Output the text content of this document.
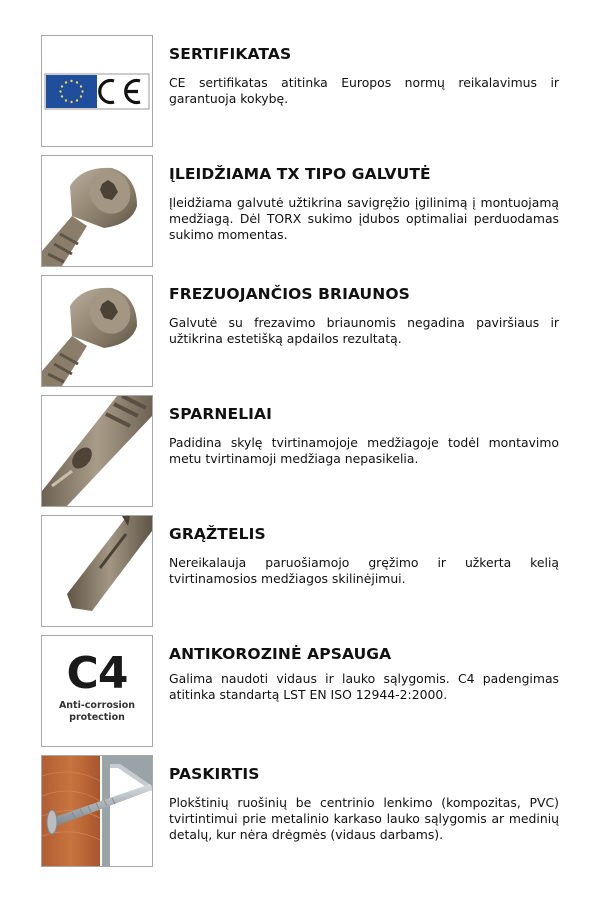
SERTIFIKATAS

CE sertifikatas atitinka Europos normų reikalavimus ir garantuoja kokybę.

ĮLEIDŽIAMA TX TIPO GALVUTĖ

Įleidžiama galvutė užtikrina savigręžio įgilinimą į montuojamą medžiagą. Dėl TORX sukimo įdubos optimaliai perduodamas sukimo momentas.

FREZUOJANČIOS BRIAUNOS

Galvutė su frezavimo briaunomis negadina paviršiaus ir užtikrina estetišką apdailos rezultatą.

SPARNELIAI

Padidina skylę tvirtinamojoje medžiagoje todėl montavimo metu tvirtinamoji medžiaga nepasikelia.

GRĄŽTELIS

Nereikalauja paruošiamojo gręžimo ir užkerta kelią tvirtinamosios medžiagos skilinėjimui.

C4
Anti-corrosion
protection
ANTIKOROZINĖ APSAUGA

Galima naudoti vidaus ir lauko sąlygomis. C4 padengimas atitinka standartą LST EN ISO 12944-2:2000.

PASKIRTIS

Plokštinių ruošinių be centrinio lenkimo (kompozitas, PVC) tvirtintimui prie metalinio karkaso lauko sąlygomis ar medinių detalų, kur nėra drėgmės (vidaus darbams).
